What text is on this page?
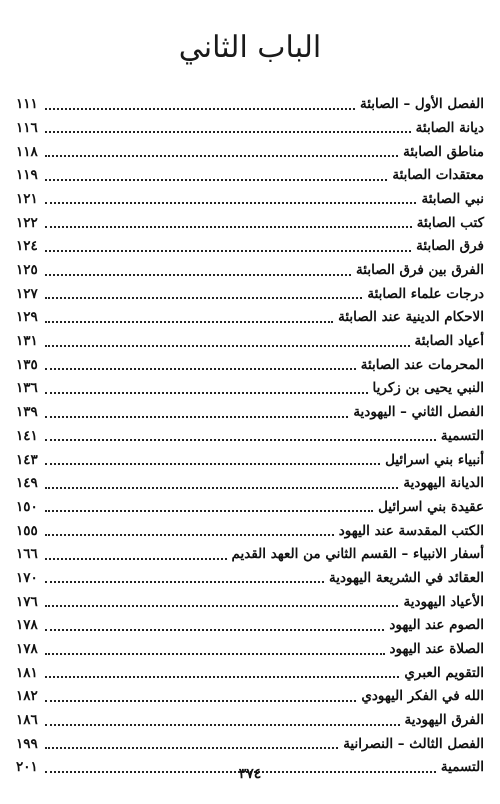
الباب الثاني
الفصل الأول – الصابئة
١١١
ديانة الصابئة
١١٦
مناطق الصابئة
١١٨
معتقدات الصابئة
١١٩
نبي الصابئة
١٢١
كتب الصابئة
١٢٢
فرق الصابئة
١٢٤
الفرق بين فرق الصابئة
١٢٥
درجات علماء الصابئة
١٢٧
الاحكام الدينية عند الصابئة
١٢٩
أعياد الصابئة
١٣١
المحرمات عند الصابئة
١٣٥
النبي يحيى بن زكريا
١٣٦
الفصل الثاني – اليهودية
١٣٩
التسمية
١٤١
أنبياء بني اسرائيل
١٤٣
الديانة اليهودية
١٤٩
عقيدة بني اسرائيل
١٥٠
الكتب المقدسة عند اليهود
١٥٥
أسفار الانبياء – القسم الثاني من العهد القديم
١٦٦
العقائد في الشريعة اليهودية
١٧٠
الأعياد اليهودية
١٧٦
الصوم عند اليهود
١٧٨
الصلاة عند اليهود
١٧٨
التقويم العبري
١٨١
الله في الفكر اليهودي
١٨٢
الفرق اليهودية
١٨٦
الفصل الثالث – النصرانية
١٩٩
التسمية
٢٠١	٣٧٤
